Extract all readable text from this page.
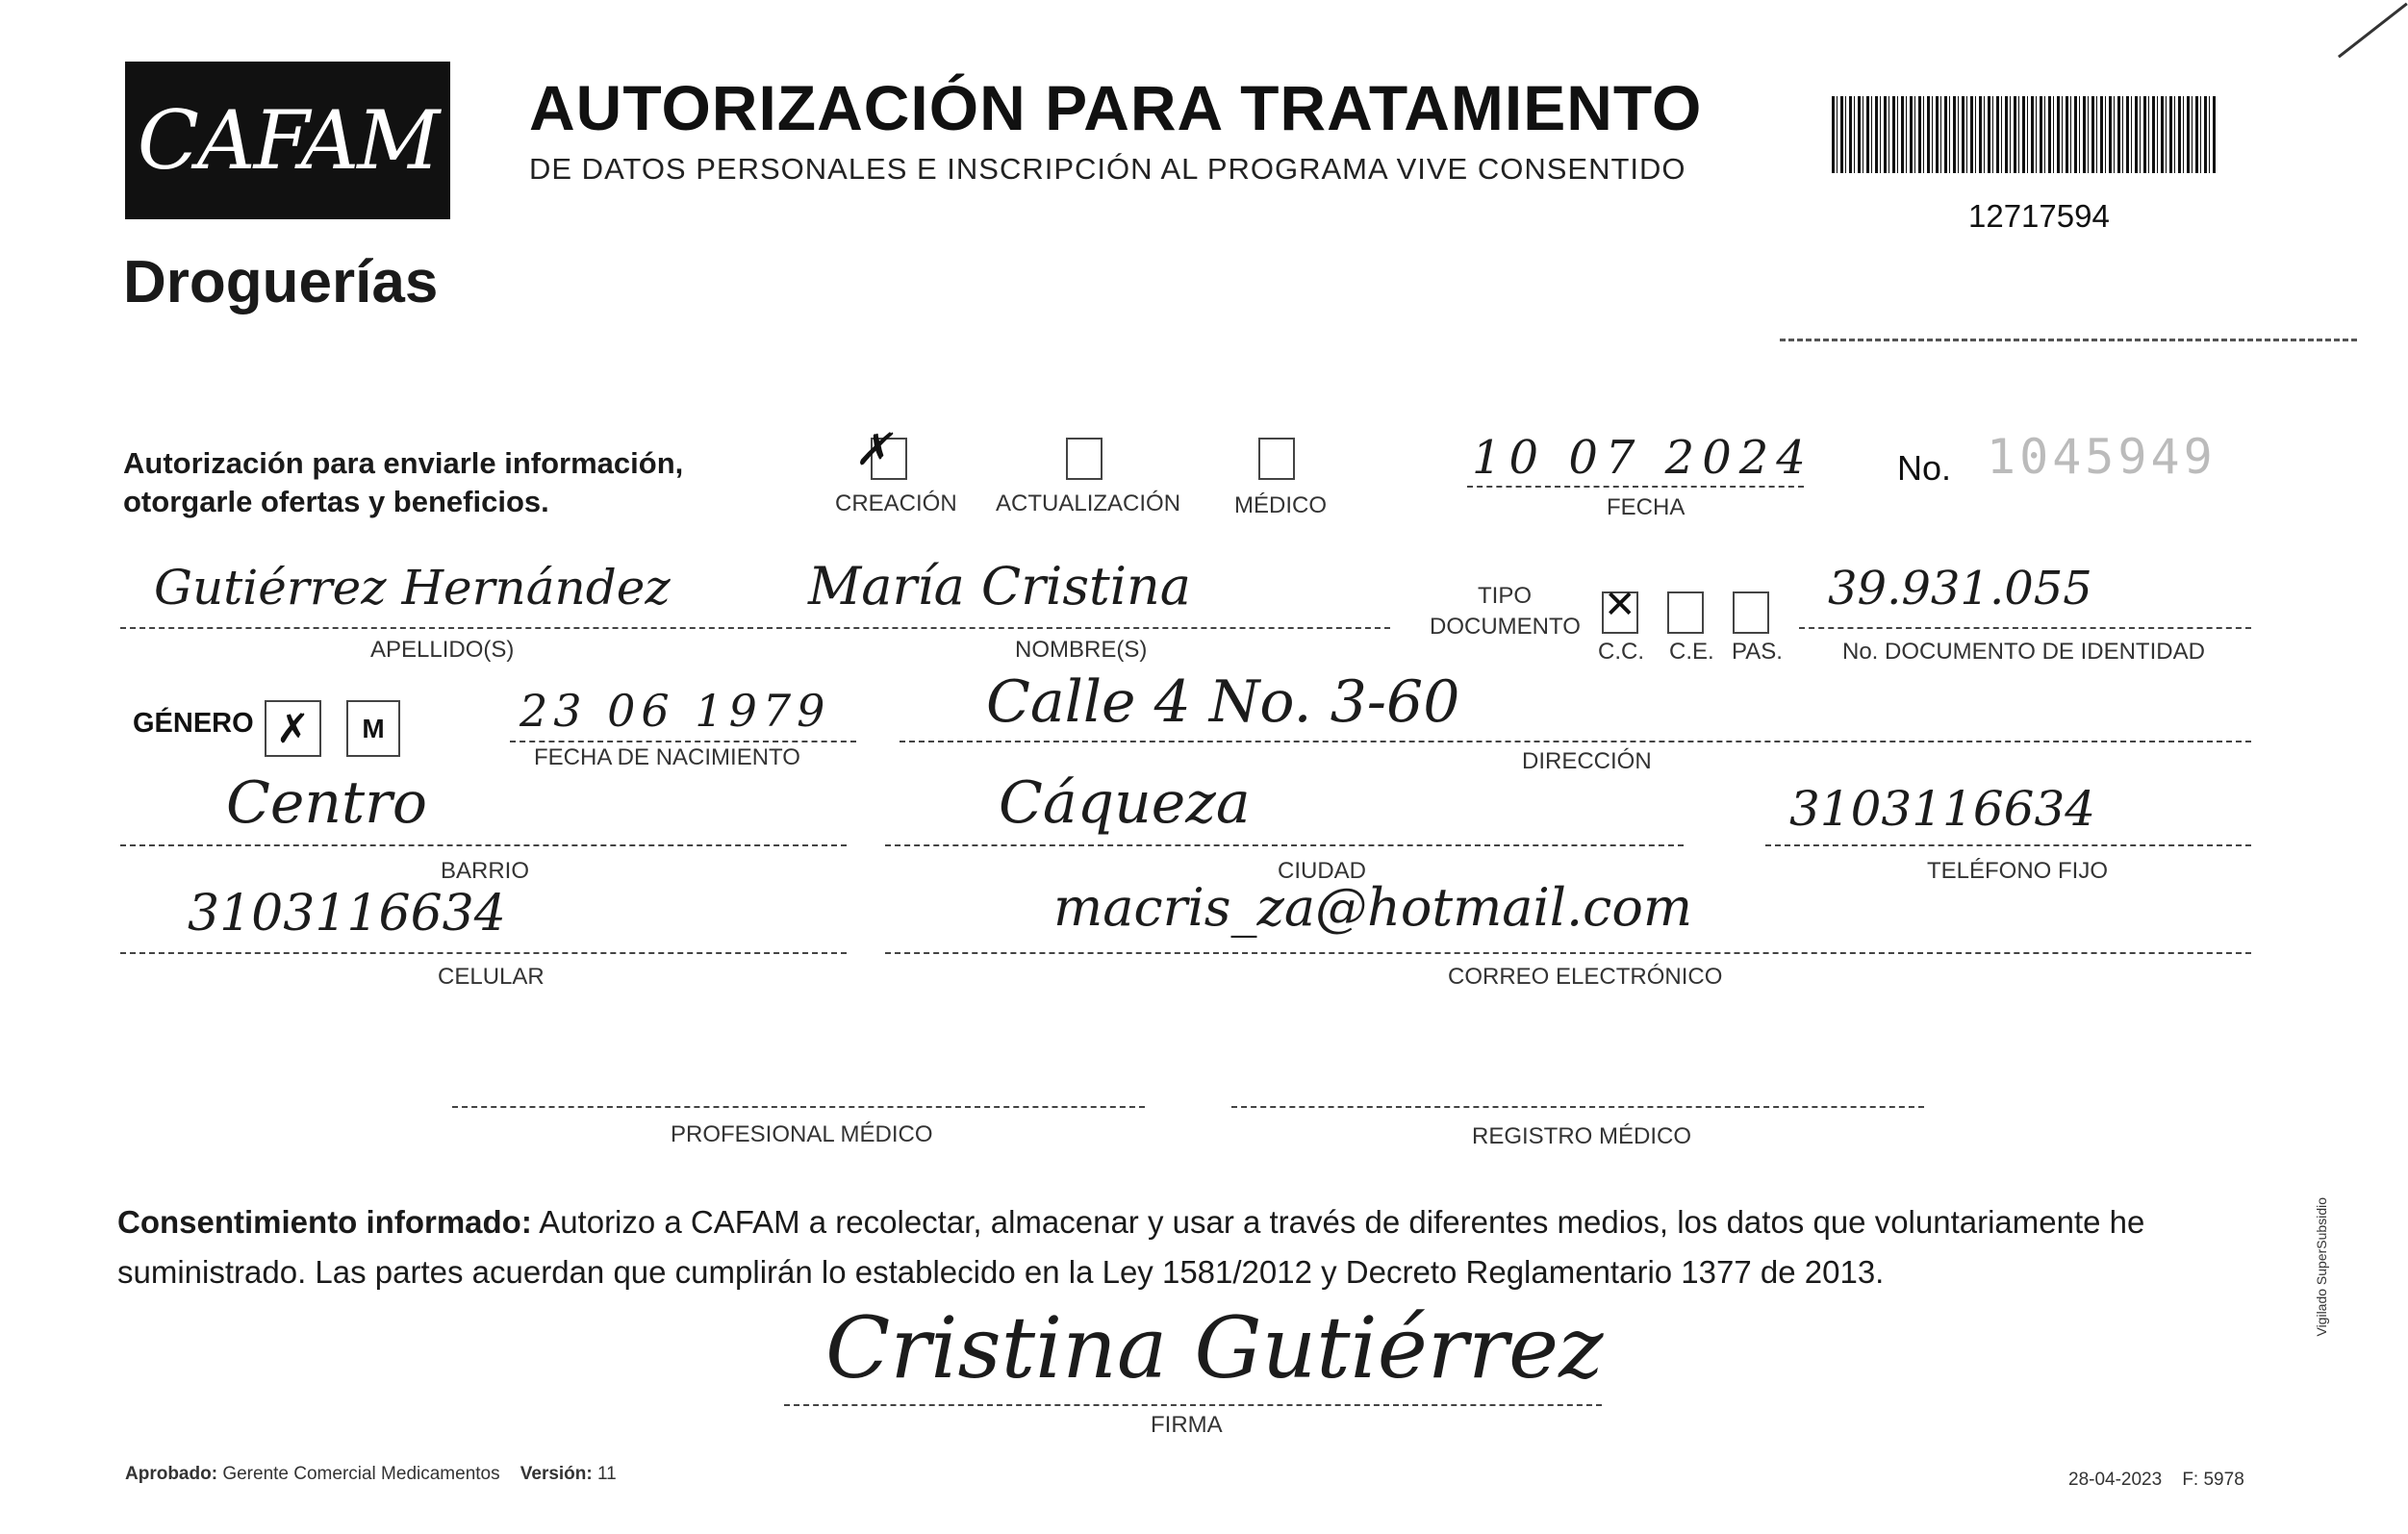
CAFAM
Droguerías
AUTORIZACIÓN PARA TRATAMIENTO
DE DATOS PERSONALES E INSCRIPCIÓN AL PROGRAMA VIVE CONSENTIDO
12717594
Autorización para enviarle información,
otorgarle ofertas y beneficios.
✗
CREACIÓN ACTUALIZACIÓN MÉDICO
10 07 2024
FECHA
No. 1045949
Gutiérrez Hernández	María Cristina
APELLIDO(S)	NOMBRE(S)
TIPO
DOCUMENTO ✕
C.C. C.E. PAS.
39.931.055
No. DOCUMENTO DE IDENTIDAD
GÉNERO ✗ M	23 06 1979
FECHA DE NACIMIENTO
Calle 4 No. 3-60
DIRECCIÓN
Centro
BARRIO
Cáqueza
CIUDAD
3103116634
TELÉFONO FIJO
3103116634
CELULAR
macris_za@hotmail.com
CORREO ELECTRÓNICO
PROFESIONAL MÉDICO	REGISTRO MÉDICO
Consentimiento informado: Autorizo a CAFAM a recolectar, almacenar y usar a través de diferentes medios, los datos que voluntariamente he suministrado. Las partes acuerdan que cumplirán lo establecido en la Ley 1581/2012 y Decreto Reglamentario 1377 de 2013.
Cristina Gutiérrez
FIRMA
Aprobado: Gerente Comercial Medicamentos Versión: 11	28-04-2023 F: 5978
Vigilado SuperSubsidio
